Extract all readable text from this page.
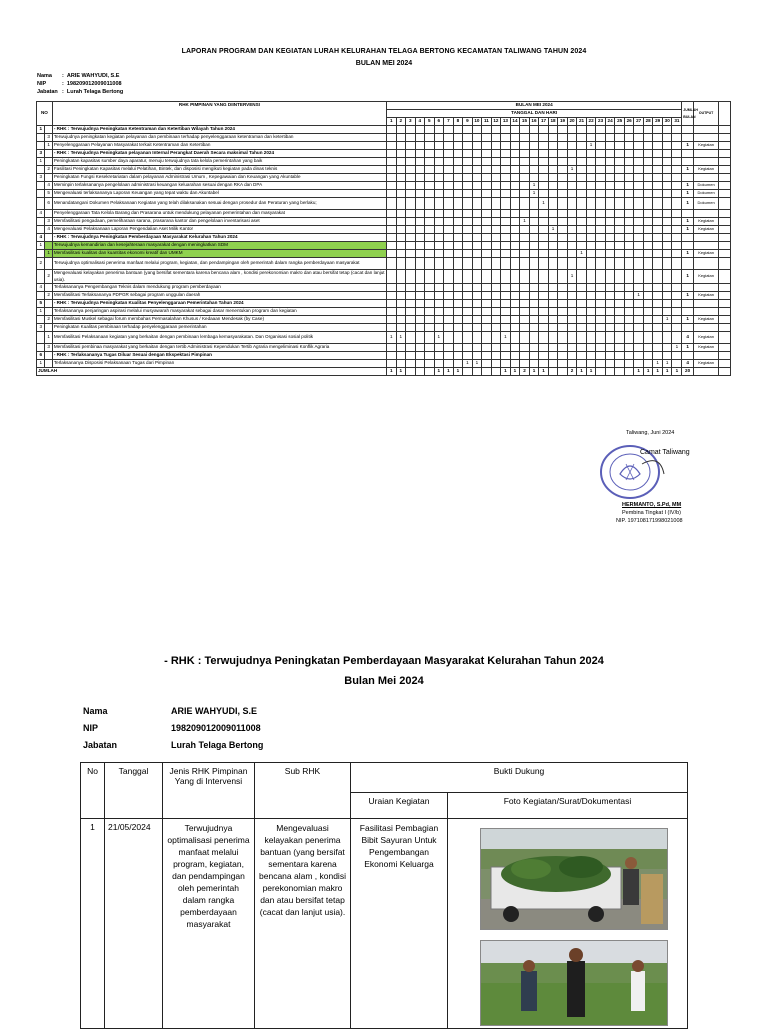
LAPORAN PROGRAM DAN KEGIATAN LURAH KELURAHAN TELAGA BERTONG KECAMATAN TALIWANG TAHUN 2024
BULAN MEI 2024
Nama	:	ARIE WAHYUDI, S.E
NIP	:	198209012009011008
Jabatan	:	Lurah Telaga Bertong
NO		RHK PIMPINAN YANG DIINTERVENSI	BULAN MEI 2024																															JUMLAH BULAN	OUTPUT	
			TANGGAL DAN HARI																																	
			1	2	3	4	5	6	7	8	9	10	11	12	13	14	15	16	17	18	19	20	21	22	23	24	25	26	27	28	29	30	31			
1		- RHK : Terwujudnya Peningkatan Ketentraman dan Ketertiban Wilayah Tahun 2024																																		
	3	Terwujudnya peningkatan kegiatan pelayanan dan pembinaan terhadap penyelenggaraan ketentraman dan ketertiban																																		
	1	Penyelenggaraan Pelayanan Masyarakat terkait Ketentraman dan Ketertiban																						1										1	Kegiatan	
3		- RHK : Terwujudnya Peningkatan pelayanan Internal Perangkat Daerah Secara maksimal Tahun 2024																																		
1		Peningkatan kapasitas sumber daya aparatur, menuju terwujudnya tata kelola pemerintahan yang baik																																		
	2	Fasilitasi Peningkatan Kapasitas melalui Pelatihan, Bintek, dan disposisi mengikuti kegiatan pada dinas teknis																				1												1	Kegiatan	
3		Peningkatan Fungsi Kesekretariatan dalam pelayanan Administrasi Umum , Kepegawaian dan Keuangan yang Akuntable																																		
	4	Meminpin terlaksananya pengelolaan administrasi keuangan keluarahan sesuai dengan RKA dan DPA																1																1	Dokumen	
	5	Mengevaluasi terlaksananya Laporan Keuangan yang tepat waktu dan Akuntabel																1																1	Dokumen	
	6	Menandatangani Dokumen Pelaksanaan Kegiatan yang telah dilaksanakan sesuai dengan prosedur dan Peraturan yang berlaku;																	1															1	Dokumen	
4		Penyelenggaraan Tata Kelola Barang dan Prasarana untuk mendukung pelayanan pemerintahan dan masyarakat																																		
	3	Memfasilitasi pengadaan, pemeliharaan sarana, prasarana kantor dan pengelolaan inventarisasi aset															1																	1	Kegiatan	
	4	Mengevaluasi Pelaksanaan Laporan Pengendalian Aset Milik Kantor																		1														1	Kegiatan	
4		- RHK : Terwujudnya Peningkatan Pemberdayaan Masyarakat Kelurahan Tahun 2024																																		
1		Terwujudnya kemandirian dan kesejahteraan masyarakat dengan meningkatkan SDM																																		
	1	Memfasilitasi kualitas dan kuantitas ekonomi kreatif dan UMKM																					1											1	Kegiatan	
2		Terwujudnya optimalisasi penerima manfaat melalui program, kegiatan, dan pendampingan oleh pemerintah dalam rangka pemberdayaan masyarakat																																		
	2	Mengevaluasi kelayakan penerima bantuan (yang bersifat sementara karena bencana alam , kondisi perekonomian makro dan atau bersifat tetap (cacat dan lanjut usia).																				1												1	Kegiatan	
4		Terlaksananya Pengembangan Teknis dalam mendukung program pemberdayaan																																		
	2	Memfasilitasi Terlaksananya PDPGR sebagai program unggulan daerah																											1					1	Kegiatan	
5		- RHK : Terwujudnya Peningkatan Kualitas Penyelenggaraan Pemerintahan Tahun 2024																																		
1		Terlaksananya penjaringan aspirasi melalui musyawarah masyarakat sebagai dasar menentukan program dan kegiatan																																		
	2	Memfasilitasi Muskel sebagai forum membahas Permasalahan Khusus / Kedaaan Mendesak (by Case)																														1		1	Kegiatan	
3		Peningkatan Kualitas pembinaan terhadap penyelenggaraan pemerintahan																																		
	1	Memfasilitasi Pelaksanaan kegiatan yang berkaitan dengan pembinaan lembaga kemasyarakatan. Dan Organisasi sosial politik	1	1				1							1																			4	Kegiatan	
	3	Memfasilitasi pembinaa masyarakat yang berkaitan dengan tertib Administrasi Kependukan Tertib Agraria mengeliminasi Konflik Agraria																															1	1	Kegiatan	
6		- RHK : Terlaksananya Tugas Diluar Sesuai dengan Ekspektasi Pimpinan																																		
1		Terlaksananya Disposisi Pelaksanaan Tugas dari Pimpinan									1	1																			1	1		4	Kegiatan	
JUMLAH			1	1				1	1	1					1	1	2	1	1			2	1	1					1	1	1	1	1	20		
Taliwang, Juni 2024
Camat Taliwang
HERMANTO, S.Pd, MM
Pembina Tingkat I (IV/b)
NIP. 197108171998021008
- RHK : Terwujudnya Peningkatan Pemberdayaan Masyarakat Kelurahan Tahun 2024
Bulan Mei 2024
Nama	ARIE WAHYUDI, S.E
NIP	198209012009011008
Jabatan	Lurah Telaga Bertong
No	Tanggal	Jenis RHK Pimpinan Yang di Intervensi	Sub RHK	Bukti Dukung	
				Uraian Kegiatan	Foto Kegiatan/Surat/Dokumentasi
1	21/05/2024	Terwujudnya optimalisasi penerima manfaat melalui program, kegiatan, dan pendampingan oleh pemerintah dalam rangka pemberdayaan masyarakat	Mengevaluasi kelayakan penerima bantuan (yang bersifat sementara karena bencana alam , kondisi perekonomian makro dan atau bersifat tetap (cacat dan lanjut usia).	Fasilitasi Pembagian Bibit Sayuran Untuk Pengembangan Ekonomi Keluarga	
